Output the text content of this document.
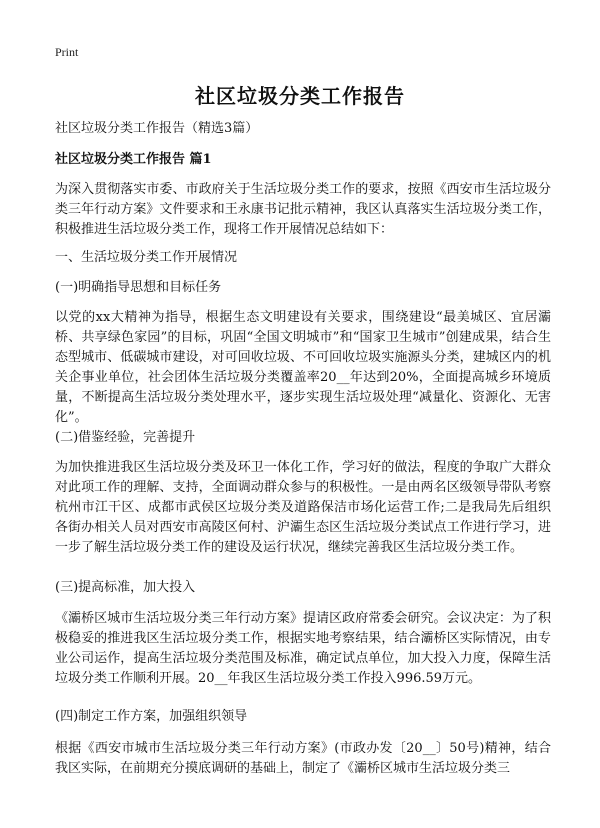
Print
社区垃圾分类工作报告
社区垃圾分类工作报告（精选3篇）
社区垃圾分类工作报告 篇1
为深入贯彻落实市委、市政府关于生活垃圾分类工作的要求，按照《西安市生活垃圾分类三年行动方案》文件要求和王永康书记批示精神，我区认真落实生活垃圾分类工作，积极推进生活垃圾分类工作，现将工作开展情况总结如下：
一、生活垃圾分类工作开展情况
(一)明确指导思想和目标任务
以党的xx大精神为指导，根据生态文明建设有关要求，围绕建设“最美城区、宜居灞桥、共享绿色家园”的目标，巩固“全国文明城市”和“国家卫生城市”创建成果，结合生态型城市、低碳城市建设，对可回收垃圾、不可回收垃圾实施源头分类，建城区内的机关企事业单位，社会团体生活垃圾分类覆盖率20__年达到20%，全面提高城乡环境质量，不断提高生活垃圾分类处理水平，逐步实现生活垃圾处理“减量化、资源化、无害化”。
(二)借鉴经验，完善提升
为加快推进我区生活垃圾分类及环卫一体化工作，学习好的做法，程度的争取广大群众对此项工作的理解、支持，全面调动群众参与的积极性。一是由两名区级领导带队考察杭州市江干区、成都市武侯区垃圾分类及道路保洁市场化运营工作;二是我局先后组织各街办相关人员对西安市高陵区何村、沪灞生态区生活垃圾分类试点工作进行学习，进一步了解生活垃圾分类工作的建设及运行状况，继续完善我区生活垃圾分类工作。
(三)提高标准，加大投入
《灞桥区城市生活垃圾分类三年行动方案》提请区政府常委会研究。会议决定：为了积极稳妥的推进我区生活垃圾分类工作，根据实地考察结果，结合灞桥区实际情况，由专业公司运作，提高生活垃圾分类范围及标准，确定试点单位，加大投入力度，保障生活垃圾分类工作顺利开展。20__年我区生活垃圾分类工作投入996.59万元。
(四)制定工作方案，加强组织领导
根据《西安市城市生活垃圾分类三年行动方案》(市政办发〔20__〕50号)精神，结合我区实际，在前期充分摸底调研的基础上，制定了《灞桥区城市生活垃圾分类三
